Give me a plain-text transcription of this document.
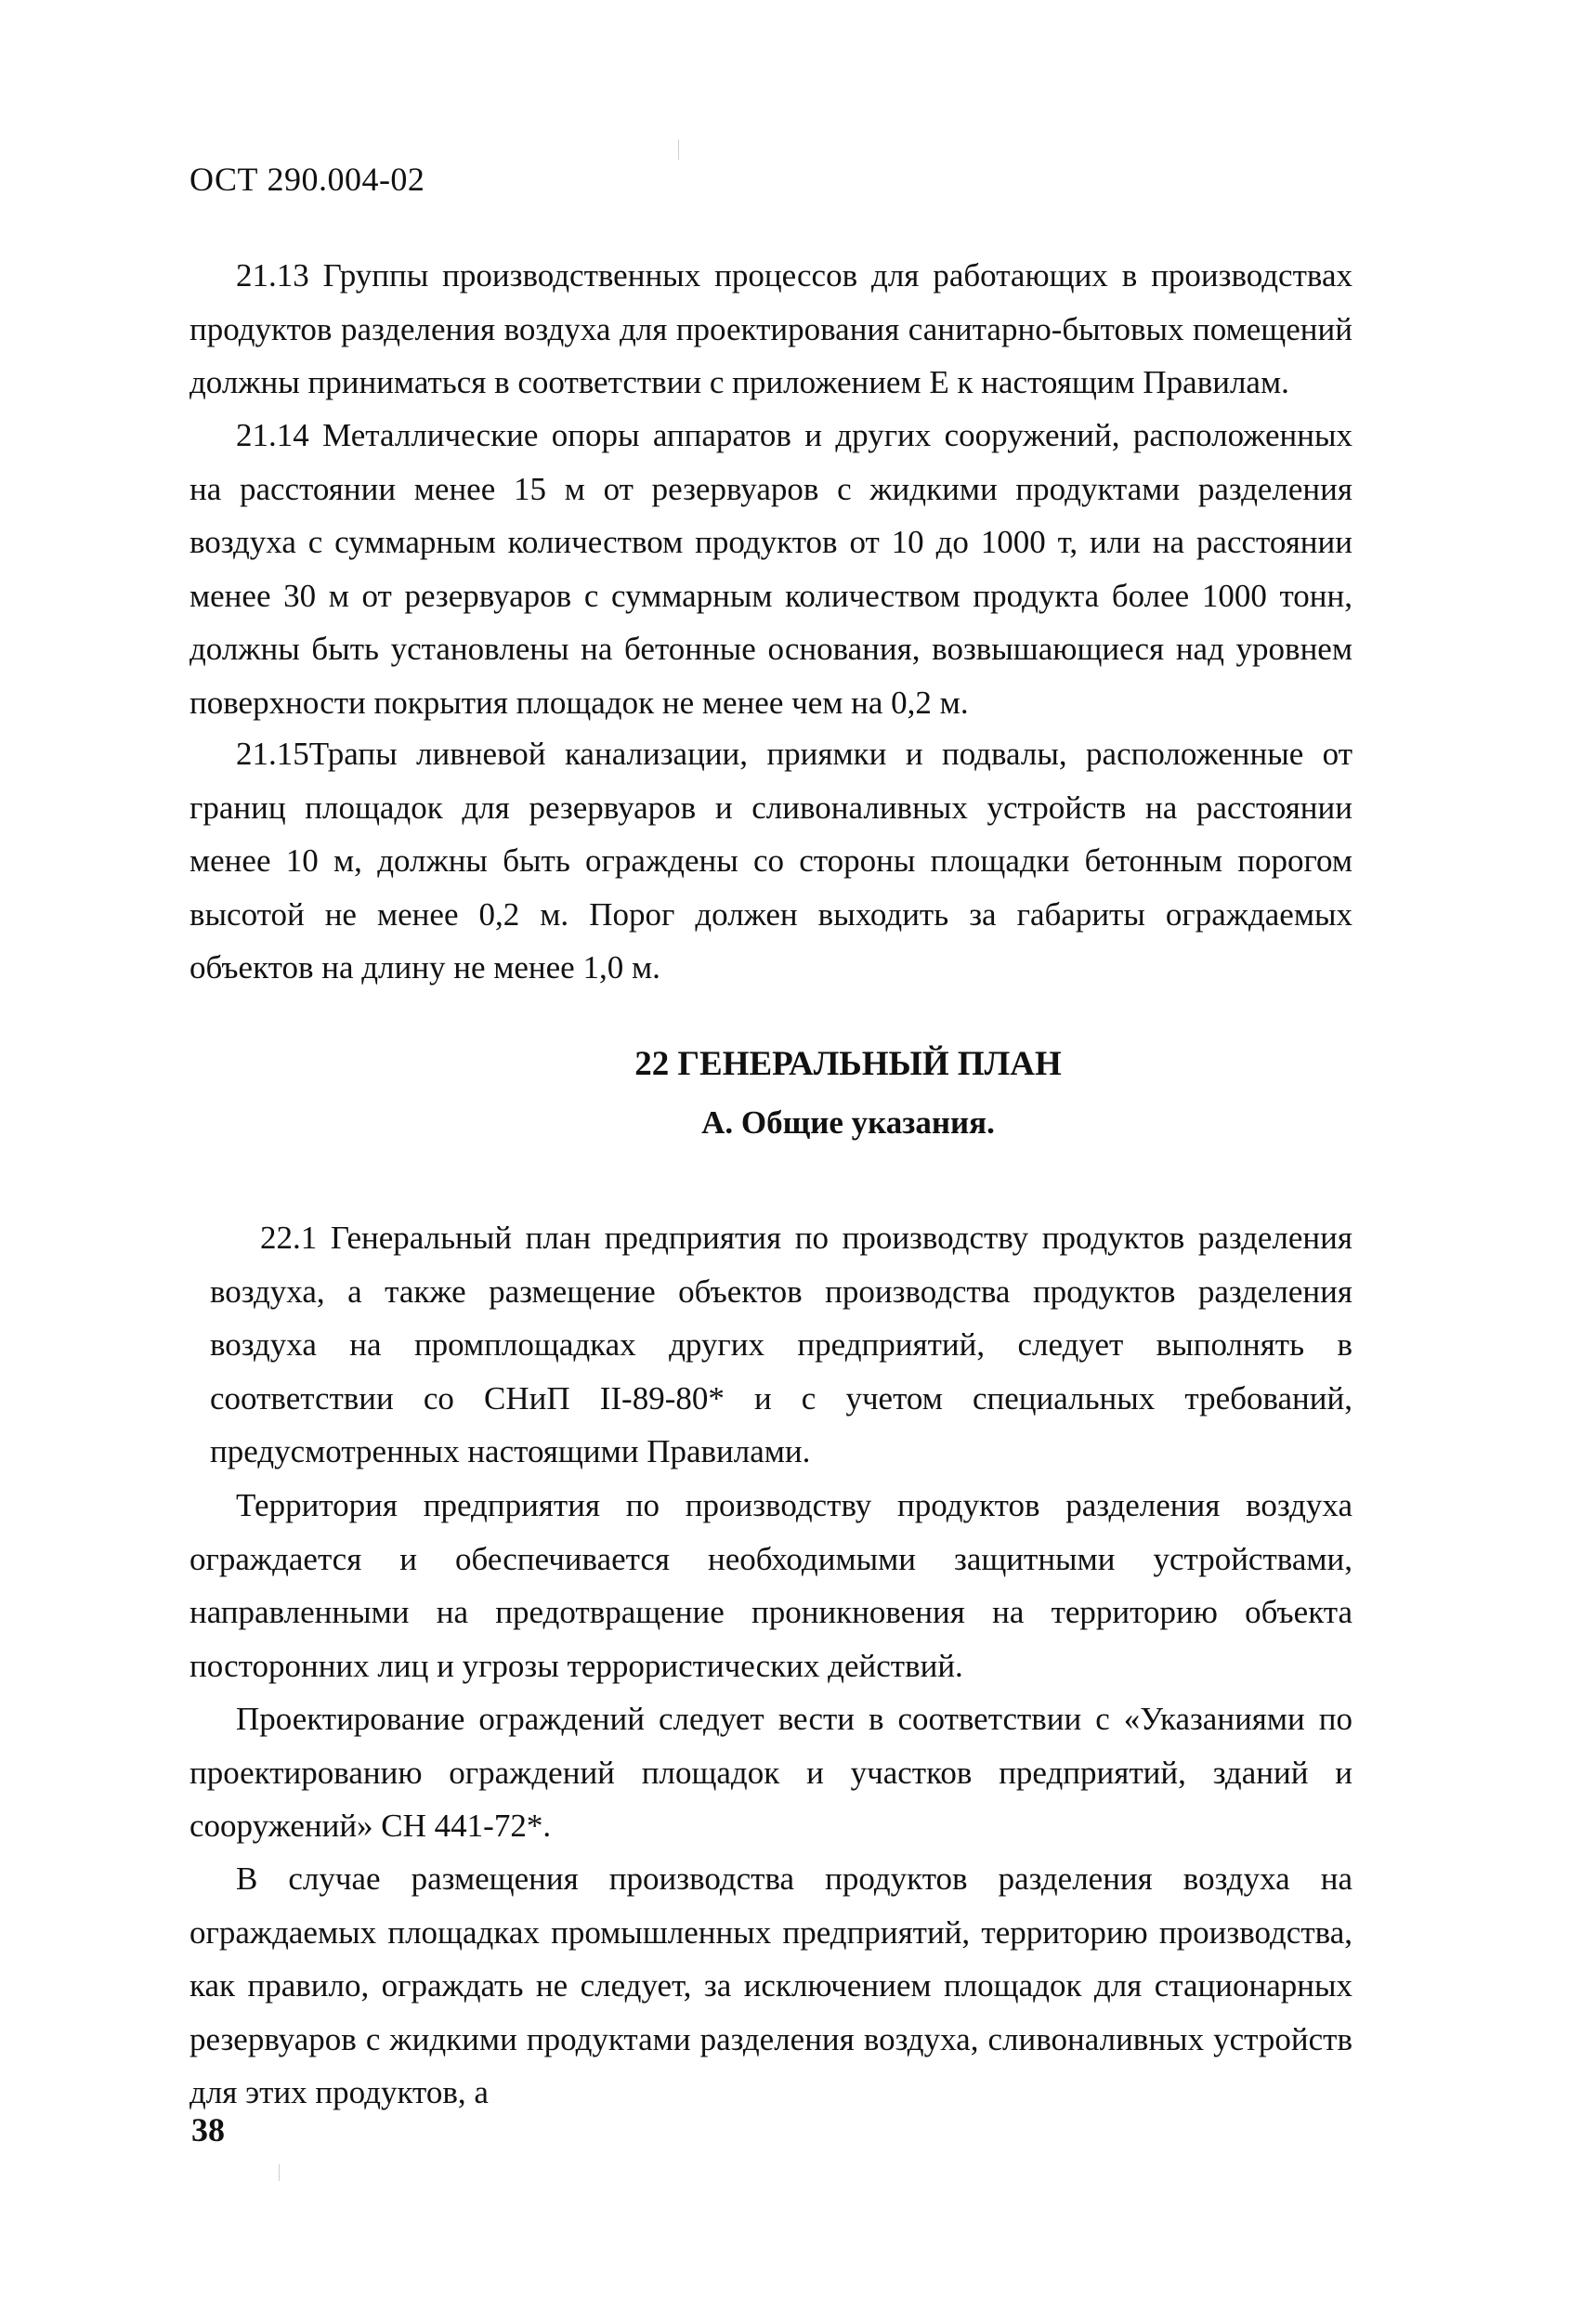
ОСТ 290.004-02

21.13 Группы производственных процессов для работающих в производствах продуктов разделения воздуха для проектирования санитарно-бытовых помещений должны приниматься в соответствии с приложением Е к настоящим Правилам.

21.14 Металлические опоры аппаратов и других сооружений, расположенных на расстоянии менее 15 м от резервуаров с жидкими продуктами разделения воздуха с суммарным количеством продуктов от 10 до 1000 т, или на расстоянии менее 30 м от резервуаров с суммарным количеством продукта более 1000 тонн, должны быть установлены на бетонные основания, возвышающиеся над уровнем поверхности покрытия площадок не менее чем на 0,2 м.

21.15Трапы ливневой канализации, приямки и подвалы, расположенные от границ площадок для резервуаров и сливоналивных устройств на расстоянии менее 10 м, должны быть ограждены со стороны площадки бетонным порогом высотой не менее 0,2 м. Порог должен выходить за габариты ограждаемых объектов на длину не менее 1,0 м.

22 ГЕНЕРАЛЬНЫЙ ПЛАН
А. Общие указания.

22.1 Генеральный план предприятия по производству продуктов разделения воздуха, а также размещение объектов производства продуктов разделения воздуха на промплощадках других предприятий, следует выполнять в соответствии со СНиП II-89-80* и с учетом специальных требований, предусмотренных настоящими Правилами.

Территория предприятия по производству продуктов разделения воздуха ограждается и обеспечивается необходимыми защитными устройствами, направленными на предотвращение проникновения на территорию объекта посторонних лиц и угрозы террористических действий.

Проектирование ограждений следует вести в соответствии с «Указаниями по проектированию ограждений площадок и участков предприятий, зданий и сооружений» СН 441-72*.

В случае размещения производства продуктов разделения воздуха на ограждаемых площадках промышленных предприятий, территорию производства, как правило, ограждать не следует, за исключением площадок для стационарных резервуаров с жидкими продуктами разделения воздуха, сливоналивных устройств для этих продуктов, а

38
